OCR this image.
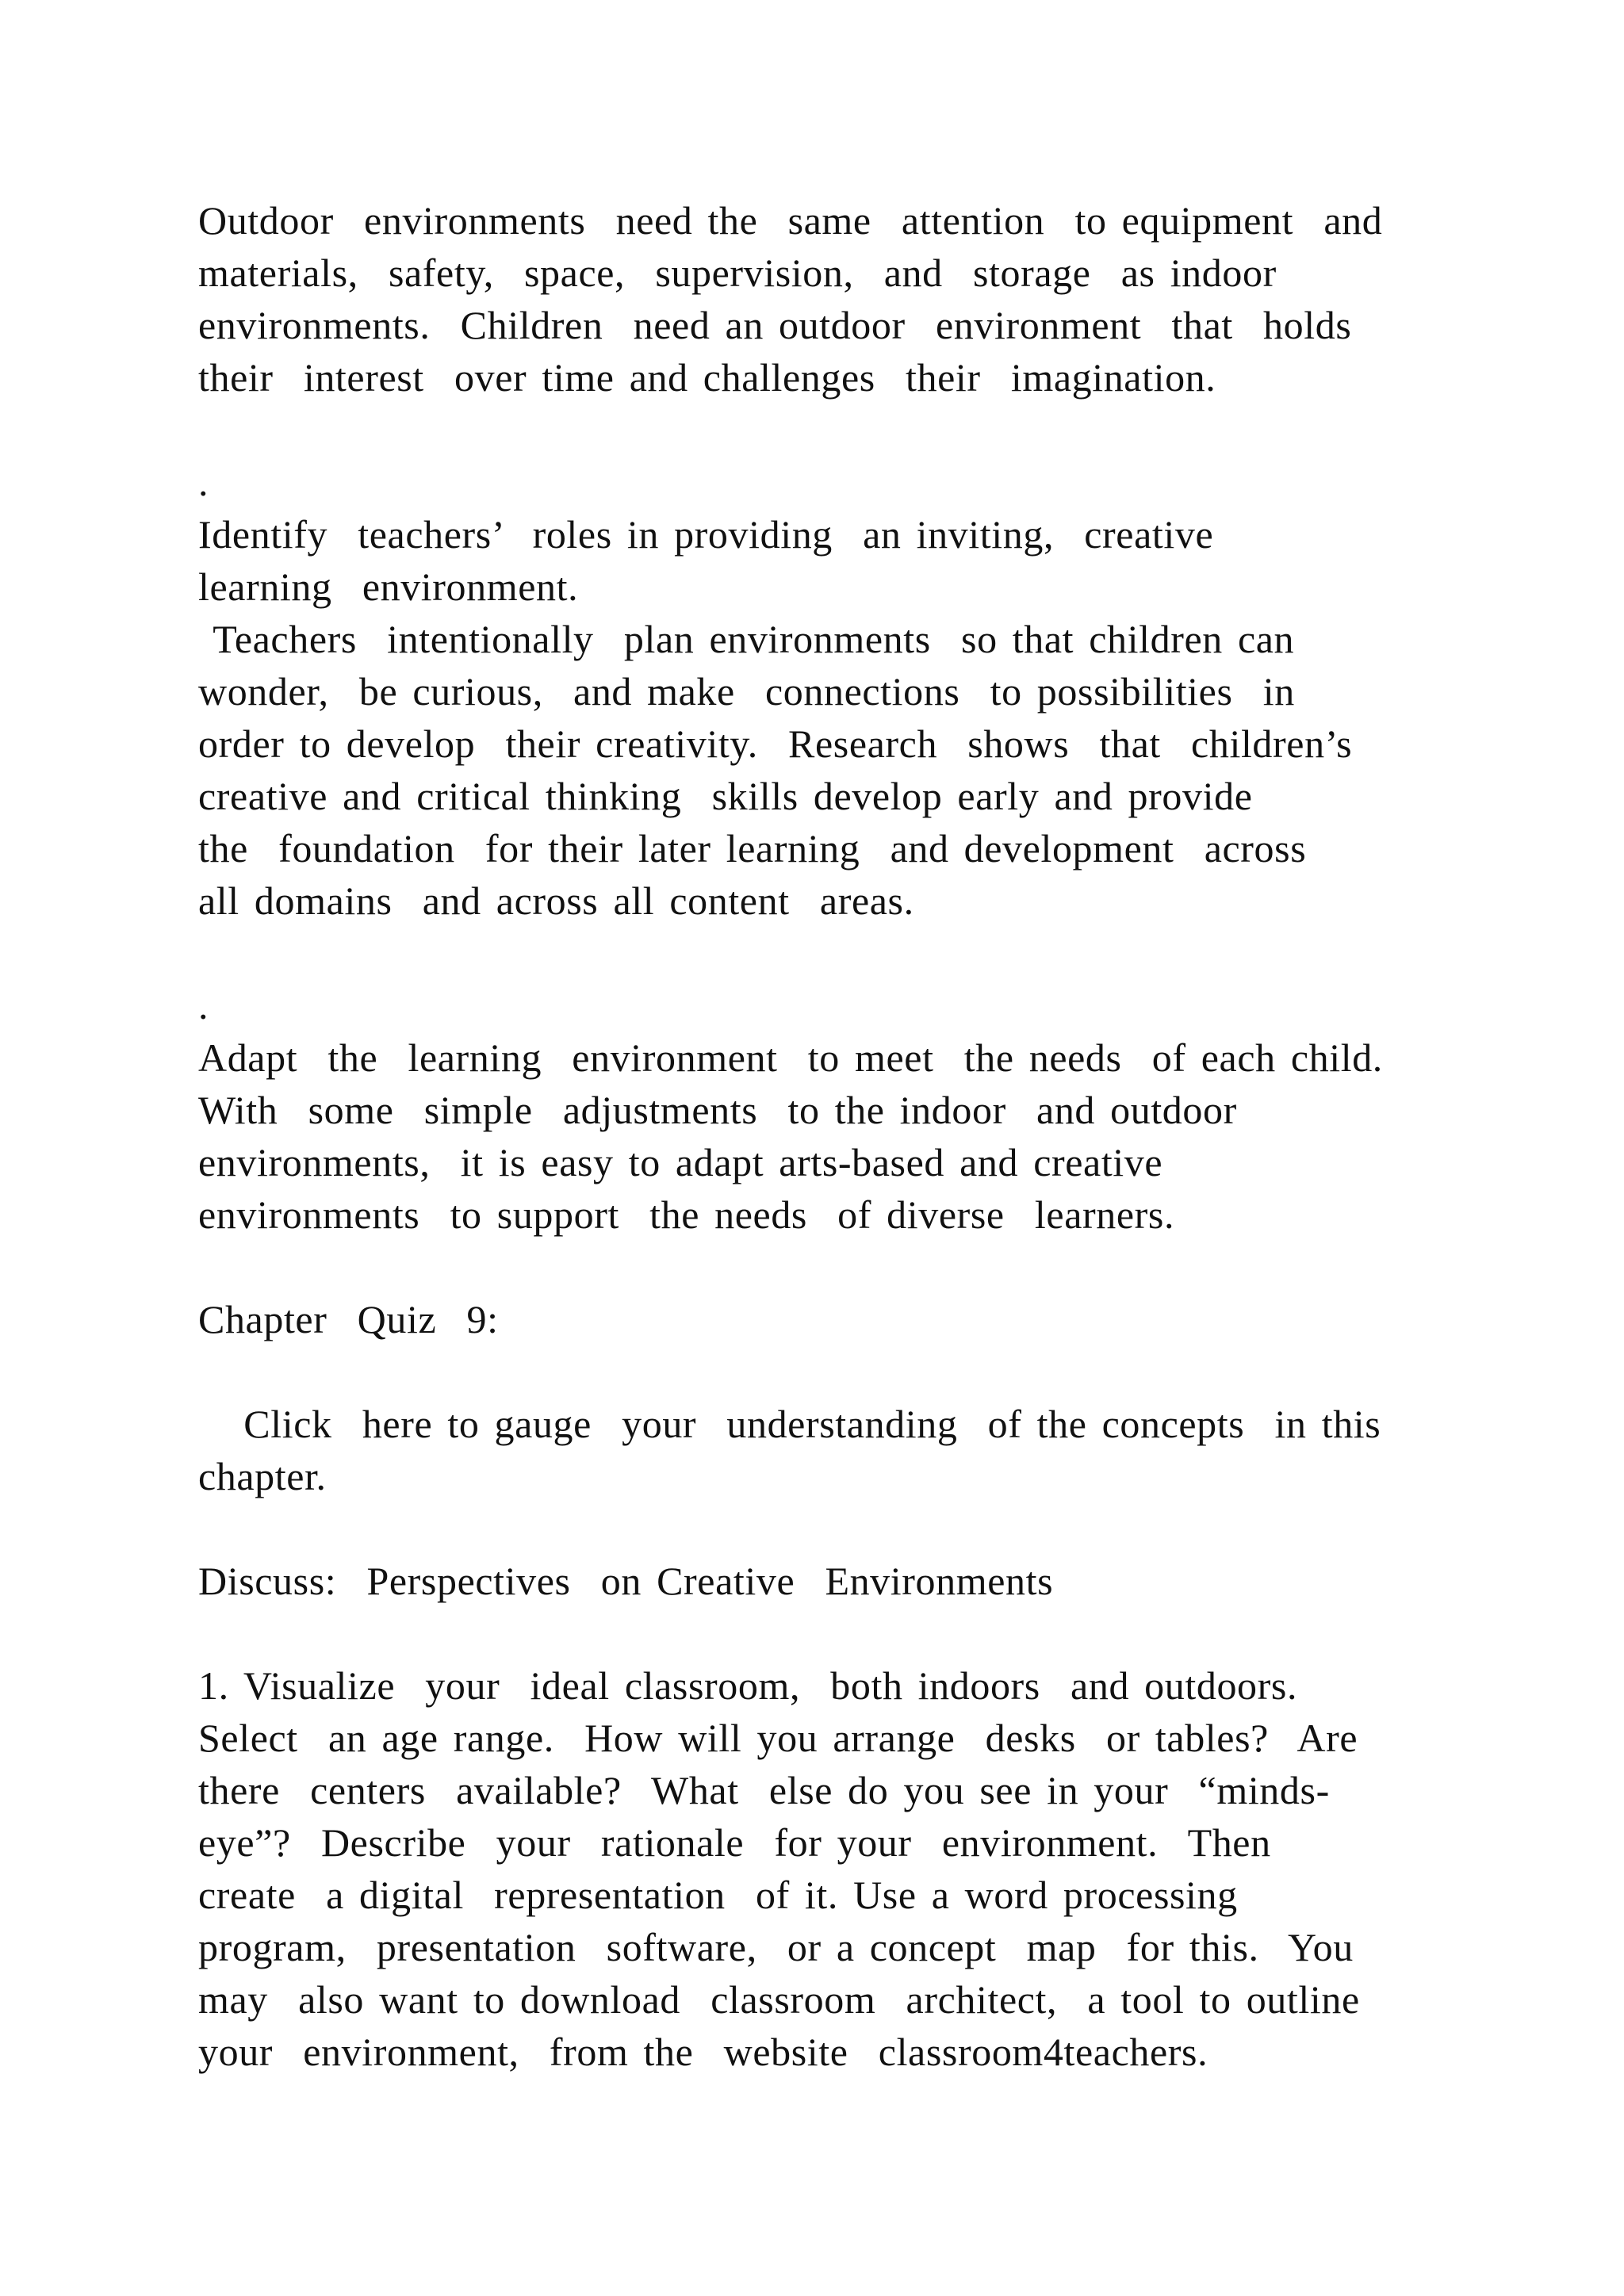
Outdoor  environments  need the  same  attention  to equipment  and
materials,  safety,  space,  supervision,  and  storage  as indoor
environments.  Children  need an outdoor  environment  that  holds
their  interest  over time and challenges  their  imagination.
.
Identify  teachers’  roles in providing  an inviting,  creative
learning  environment.
Teachers  intentionally  plan environments  so that children can
wonder,  be curious,  and make  connections  to possibilities  in
order to develop  their creativity.  Research  shows  that  children’s
creative and critical thinking  skills develop early and provide
the  foundation  for their later learning  and development  across
all domains  and across all content  areas.
.
Adapt  the  learning  environment  to meet  the needs  of each child.
With  some  simple  adjustments  to the indoor  and outdoor
environments,  it is easy to adapt arts-based and creative
environments  to support  the needs  of diverse  learners.
Chapter  Quiz  9:
Click  here to gauge  your  understanding  of the concepts  in this
chapter.
Discuss:  Perspectives  on Creative  Environments
1. Visualize  your  ideal classroom,  both indoors  and outdoors.
Select  an age range.  How will you arrange  desks  or tables?  Are
there  centers  available?  What  else do you see in your  “minds-
eye”?  Describe  your  rationale  for your  environment.  Then
create  a digital  representation  of it. Use a word processing
program,  presentation  software,  or a concept  map  for this.  You
may  also want to download  classroom  architect,  a tool to outline
your  environment,  from the  website  classroom4teachers.
